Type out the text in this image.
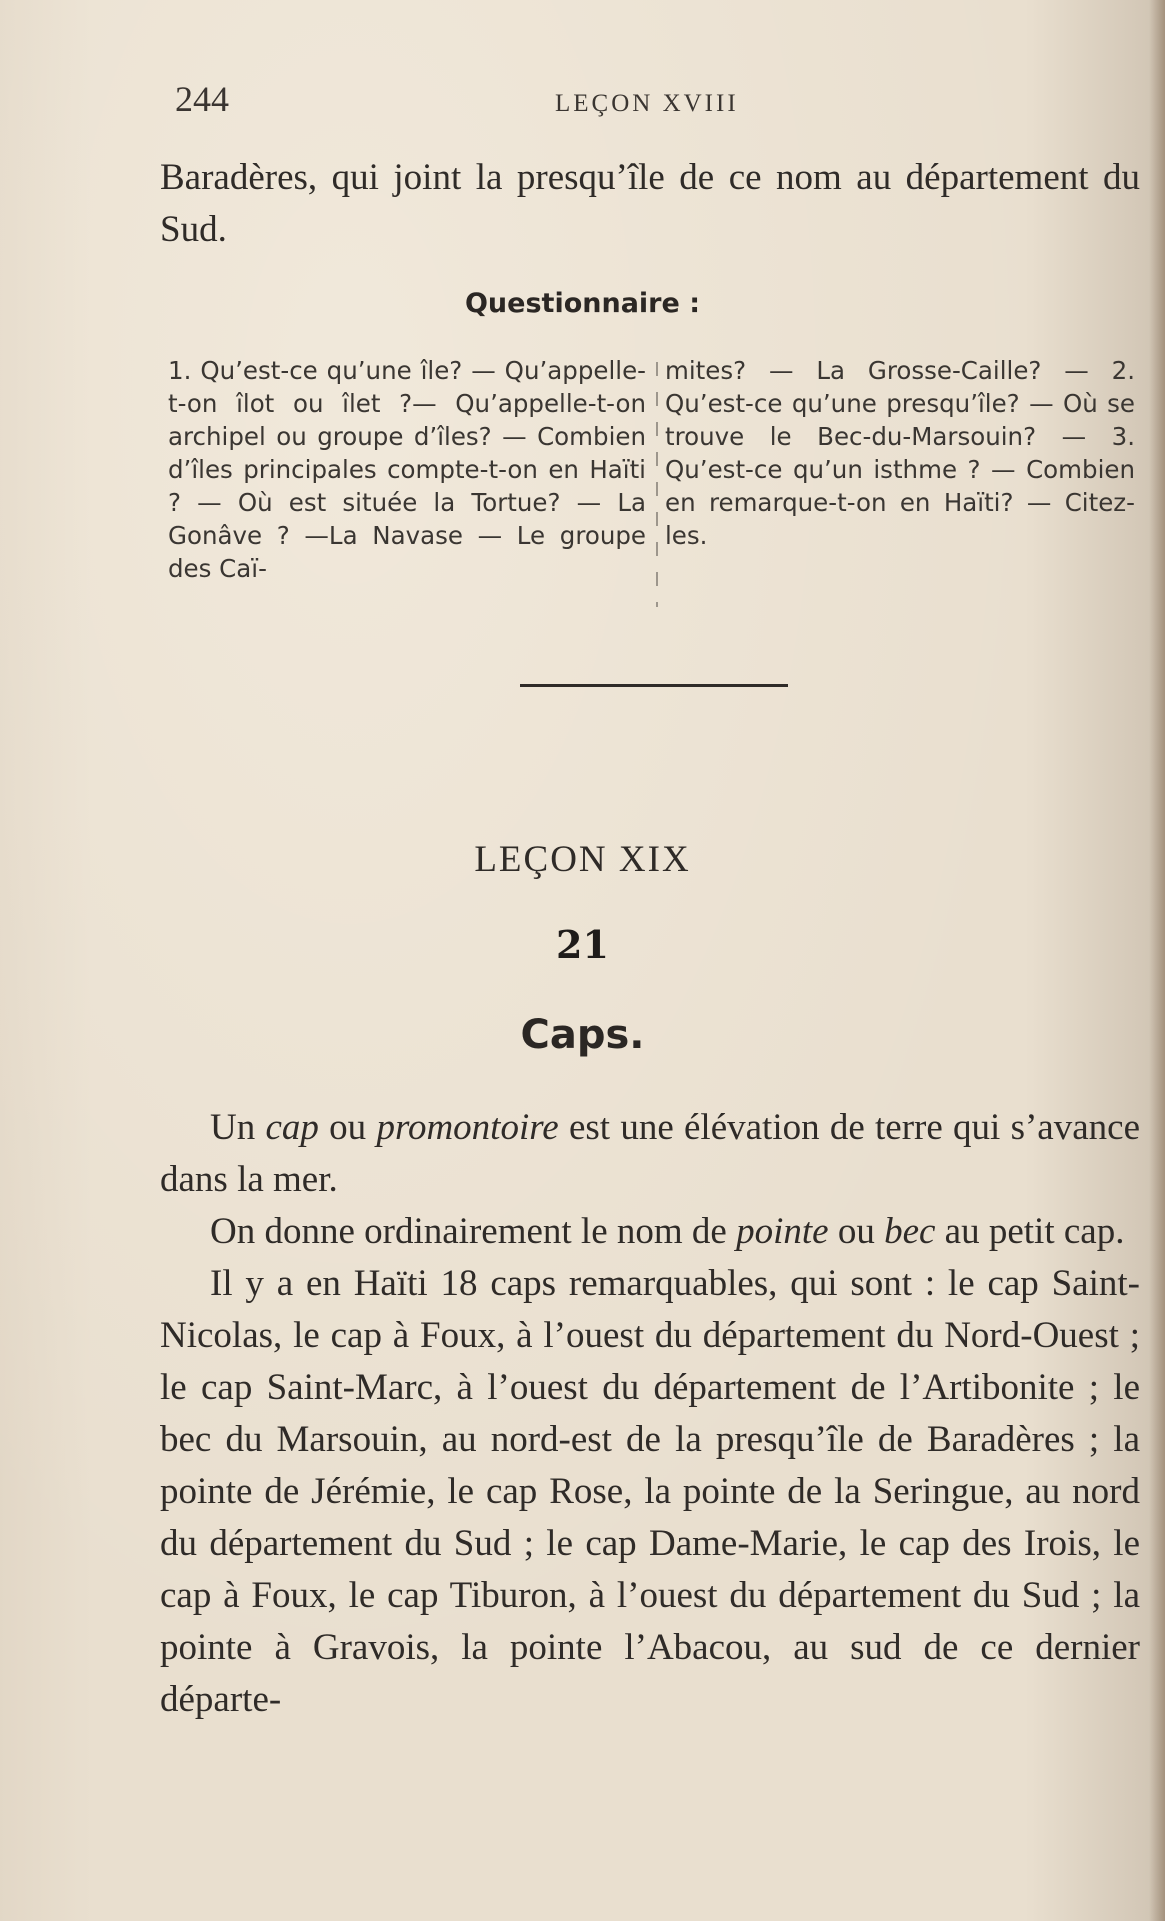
244	LEÇON XVIII

Baradères, qui joint la presqu’île de ce nom au département du Sud.

Questionnaire :

1. Qu’est-ce qu’une île? — Qu’appelle-t-on îlot ou îlet ?— Qu’appelle-t-on archipel ou groupe d’îles? — Combien d’îles principales compte-t-on en Haïti ? — Où est située la Tortue? — La Gonâve ? —La Navase — Le groupe des Caï-

mites? — La Grosse-Caille? — 2. Qu’est-ce qu’une presqu’île? — Où se trouve le Bec-du-Marsouin? — 3. Qu’est-ce qu’un isthme ? — Combien en remarque-t-on en Haïti? — Citez-les.

LEÇON XIX
21
Caps.

Un cap ou promontoire est une élévation de terre qui s’avance dans la mer.

On donne ordinairement le nom de pointe ou bec au petit cap.

Il y a en Haïti 18 caps remarquables, qui sont : le cap Saint-Nicolas, le cap à Foux, à l’ouest du département du Nord-Ouest ; le cap Saint-Marc, à l’ouest du département de l’Artibonite ; le bec du Marsouin, au nord-est de la presqu’île de Baradères ; la pointe de Jérémie, le cap Rose, la pointe de la Seringue, au nord du département du Sud ; le cap Dame-Marie, le cap des Irois, le cap à Foux, le cap Tiburon, à l’ouest du département du Sud ; la pointe à Gravois, la pointe l’Abacou, au sud de ce dernier départe-
